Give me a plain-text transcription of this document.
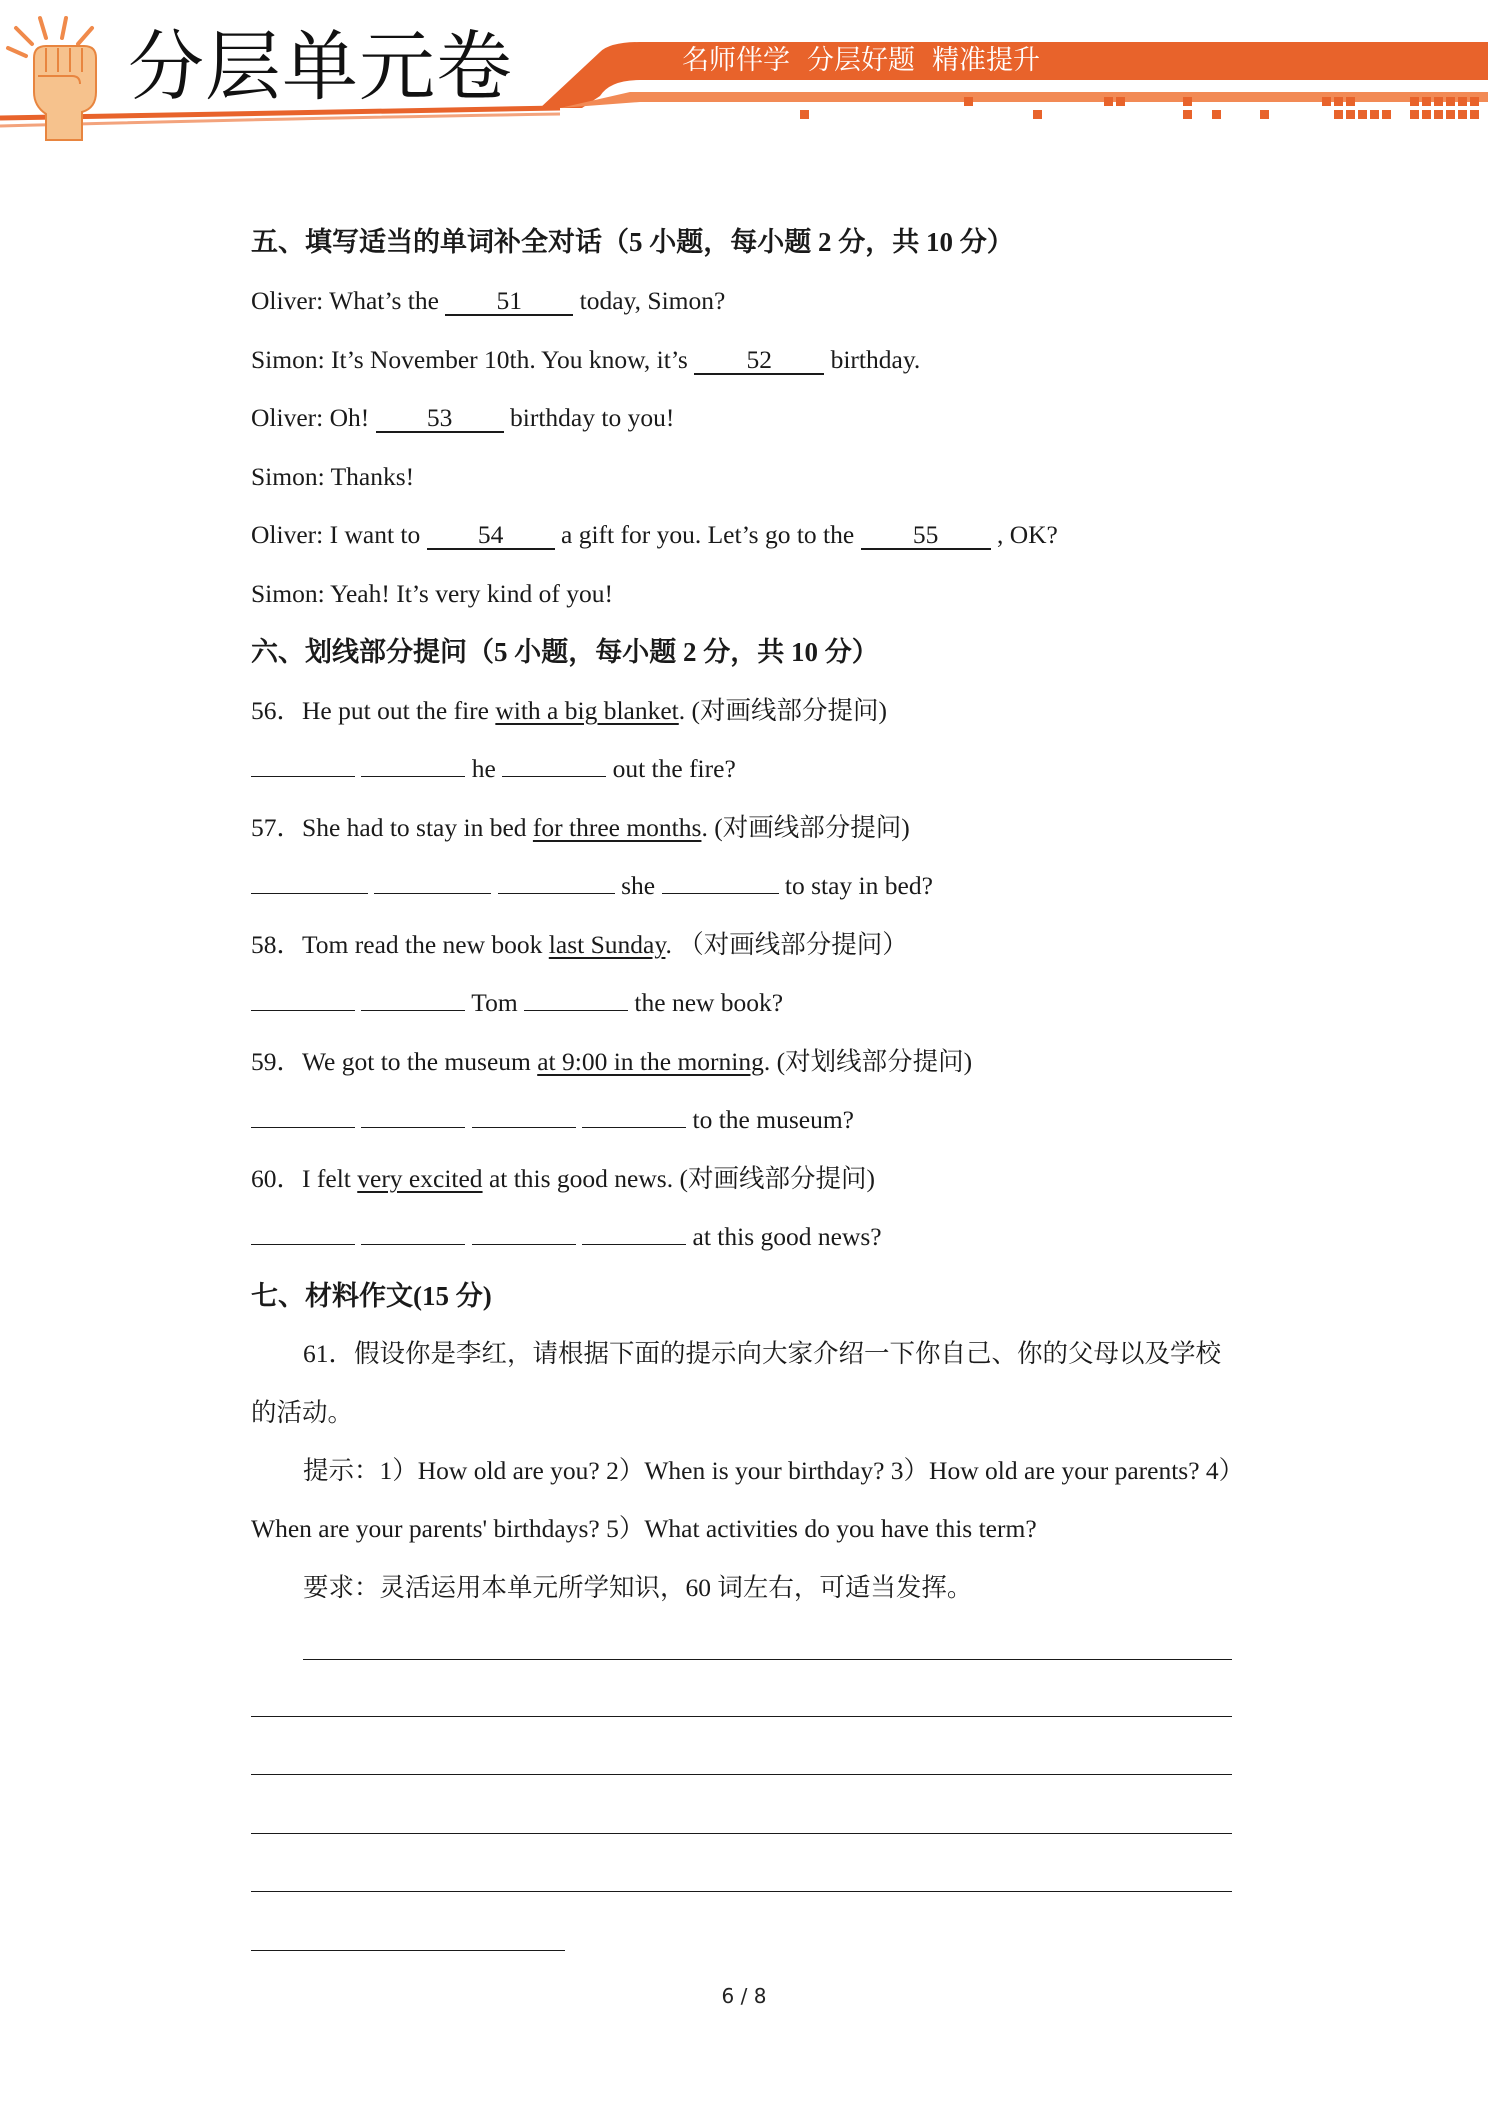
分层单元卷	名师伴学 分层好题 精准提升
五、填写适当的单词补全对话（5 小题，每小题 2 分，共 10 分）
Oliver: What’s the 51 today, Simon?
Simon: It’s November 10th. You know, it’s 52 birthday.
Oliver: Oh! 53 birthday to you!
Simon: Thanks!
Oliver: I want to 54 a gift for you. Let’s go to the 55 , OK?
Simon: Yeah! It’s very kind of you!
六、划线部分提问（5 小题，每小题 2 分，共 10 分）
56．He put out the fire with a big blanket. (对画线部分提问)
he	out the fire?
57．She had to stay in bed for three months. (对画线部分提问)
she	to stay in bed?
58．Tom read the new book last Sunday. （对画线部分提问）
Tom	the new book?
59．We got to the museum at 9:00 in the morning. (对划线部分提问)
to the museum?
60．I felt very excited at this good news. (对画线部分提问)
at this good news?
七、材料作文(15 分)
61．假设你是李红，请根据下面的提示向大家介绍一下你自己、你的父母以及学校
的活动。
提示：1）How old are you? 2）When is your birthday? 3）How old are your parents? 4）
When are your parents' birthdays? 5）What activities do you have this term?
要求：灵活运用本单元所学知识，60 词左右，可适当发挥。
6 / 8
